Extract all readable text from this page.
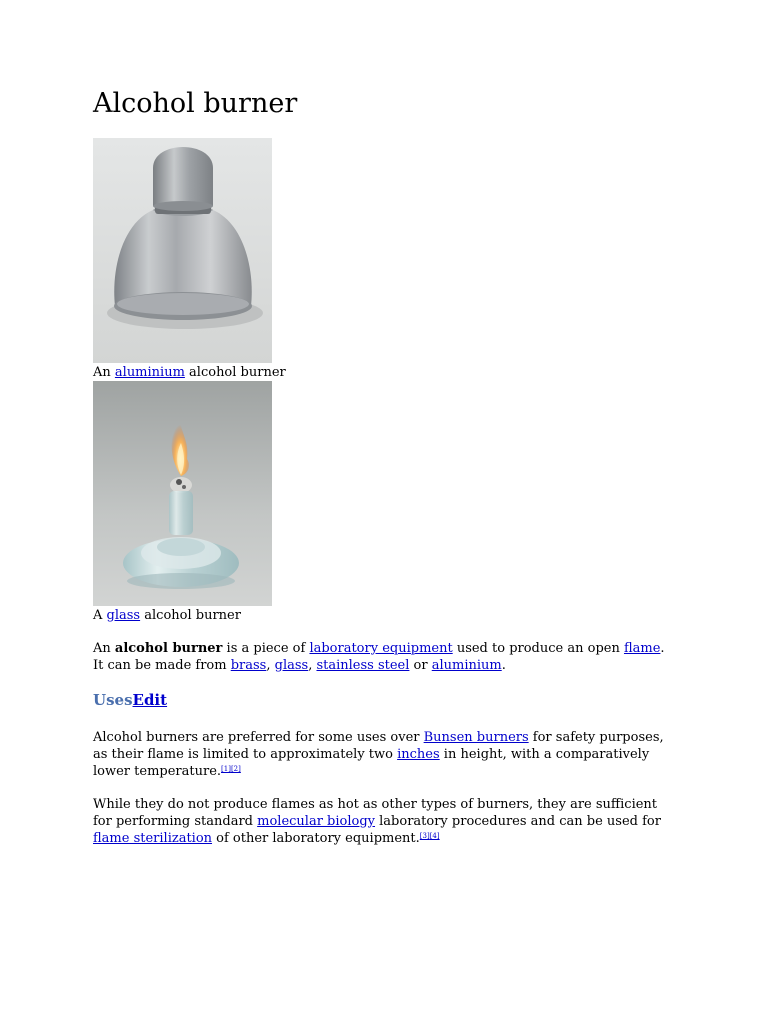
Alcohol burner
An aluminium alcohol burner
A glass alcohol burner

An alcohol burner is a piece of laboratory equipment used to produce an open flame. It can be made from brass, glass, stainless steel or aluminium.

UsesEdit

Alcohol burners are preferred for some uses over Bunsen burners for safety purposes, as their flame is limited to approximately two inches in height, with a comparatively lower temperature.[1][2]

While they do not produce flames as hot as other types of burners, they are sufficient for performing standard molecular biology laboratory procedures and can be used for flame sterilization of other laboratory equipment.[3][4]
